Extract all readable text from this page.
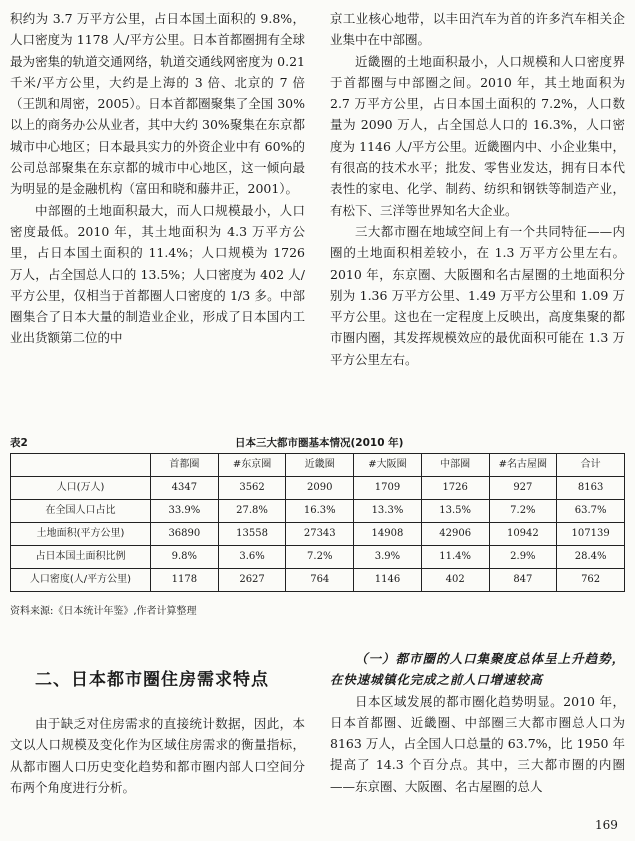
积约为 3.7 万平方公里，占日本国土面积的 9.8%，人口密度为 1178 人/平方公里。日本首都圈拥有全球最为密集的轨道交通网络，轨道交通线网密度为 0.21 千米/平方公里，大约是上海的 3 倍、北京的 7 倍（王凯和周密，2005）。日本首都圈聚集了全国 30%以上的商务办公从业者，其中大约 30%聚集在东京都城市中心地区；日本最具实力的外资企业中有 60%的公司总部聚集在东京都的城市中心地区，这一倾向最为明显的是金融机构（富田和晓和藤井正，2001）。

中部圈的土地面积最大，而人口规模最小，人口密度最低。2010 年，其土地面积为 4.3 万平方公里，占日本国土面积的 11.4%；人口规模为 1726 万人，占全国总人口的 13.5%；人口密度为 402 人/平方公里，仅相当于首都圈人口密度的 1/3 多。中部圈集合了日本大量的制造业企业，形成了日本国内工业出货额第二位的中

京工业核心地带，以丰田汽车为首的许多汽车相关企业集中在中部圈。

近畿圈的土地面积最小，人口规模和人口密度界于首都圈与中部圈之间。2010 年，其土地面积为 2.7 万平方公里，占日本国土面积的 7.2%，人口数量为 2090 万人，占全国总人口的 16.3%，人口密度为 1146 人/平方公里。近畿圈内中、小企业集中，有很高的技术水平；批发、零售业发达，拥有日本代表性的家电、化学、制药、纺织和钢铁等制造产业，有松下、三洋等世界知名大企业。

三大都市圈在地域空间上有一个共同特征——内圈的土地面积相差较小，在 1.3 万平方公里左右。2010 年，东京圈、大阪圈和名古屋圈的土地面积分别为 1.36 万平方公里、1.49 万平方公里和 1.09 万平方公里。这也在一定程度上反映出，高度集聚的都市圈内圈，其发挥规模效应的最优面积可能在 1.3 万平方公里左右。

表2	日本三大都市圈基本情况(2010 年)
	首都圈	#东京圈	近畿圈	#大阪圈	中部圈	#名古屋圈	合计
人口(万人)	4347	3562	2090	1709	1726	927	8163
在全国人口占比	33.9%	27.8%	16.3%	13.3%	13.5%	7.2%	63.7%
土地面积(平方公里)	36890	13558	27343	14908	42906	10942	107139
占日本国土面积比例	9.8%	3.6%	7.2%	3.9%	11.4%	2.9%	28.4%
人口密度(人/平方公里)	1178	2627	764	1146	402	847	762
资料来源:《日本统计年鉴》,作者计算整理
二、日本都市圈住房需求特点

由于缺乏对住房需求的直接统计数据，因此，本文以人口规模及变化作为区域住房需求的衡量指标，从都市圈人口历史变化趋势和都市圈内部人口空间分布两个角度进行分析。

（一）都市圈的人口集聚度总体呈上升趋势，在快速城镇化完成之前人口增速较高

日本区域发展的都市圈化趋势明显。2010 年，日本首都圈、近畿圈、中部圈三大都市圈总人口为 8163 万人，占全国人口总量的 63.7%，比 1950 年提高了 14.3 个百分点。其中，三大都市圈的内圈——东京圈、大阪圈、名古屋圈的总人

169
